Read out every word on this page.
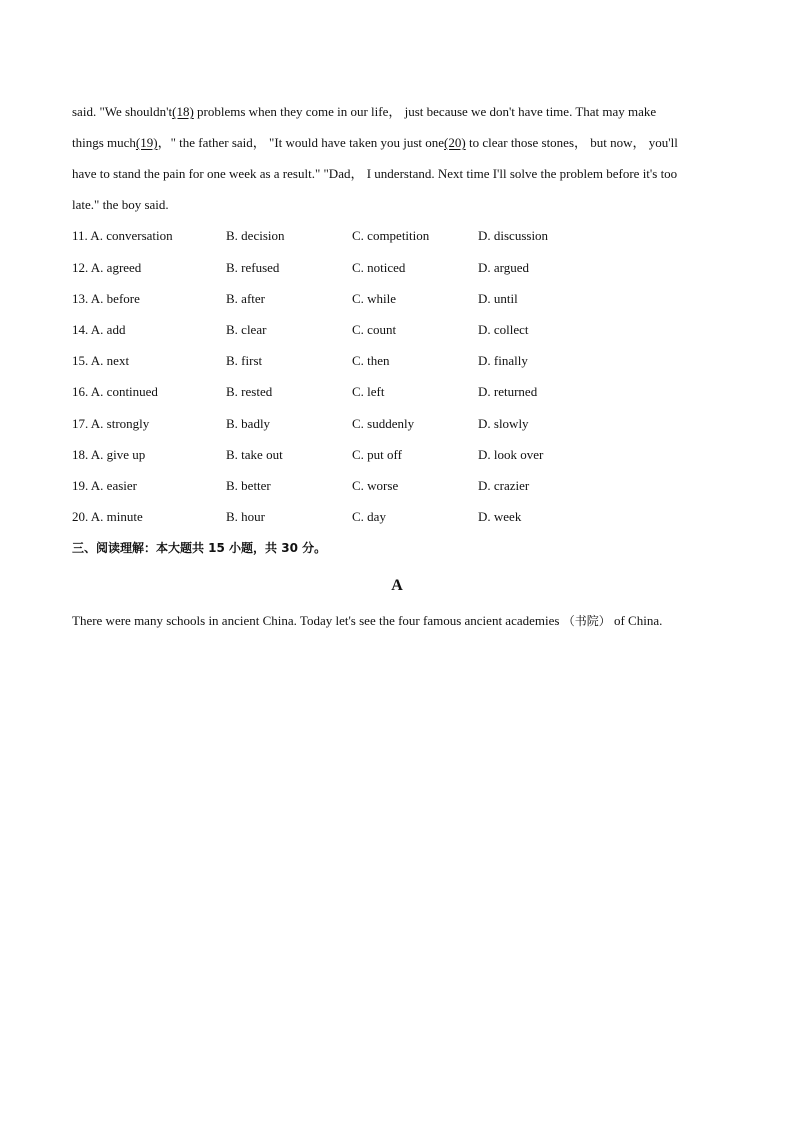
said. "We shouldn't(18) problems when they come in our life， just because we don't have time. That may make
things much(19)，" the father said， "It would have taken you just one(20) to clear those stones， but now， you'll
have to stand the pain for one week as a result." "Dad， I understand. Next time I'll solve the problem before it's too
late." the boy said.
11. A. conversation	B. decision	C. competition	D. discussion
12. A. agreed	B. refused	C. noticed	D. argued
13. A. before	B. after	C. while	D. until
14. A. add	B. clear	C. count	D. collect
15. A. next	B. first	C. then	D. finally
16. A. continued	B. rested	C. left	D. returned
17. A. strongly	B. badly	C. suddenly	D. slowly
18. A. give up	B. take out	C. put off	D. look over
19. A. easier	B. better	C. worse	D. crazier
20. A. minute	B. hour	C. day	D. week
三、阅读理解：本大题共 15 小题，共 30 分。
A
There were many schools in ancient China. Today let's see the four famous ancient academies （书院） of China.
